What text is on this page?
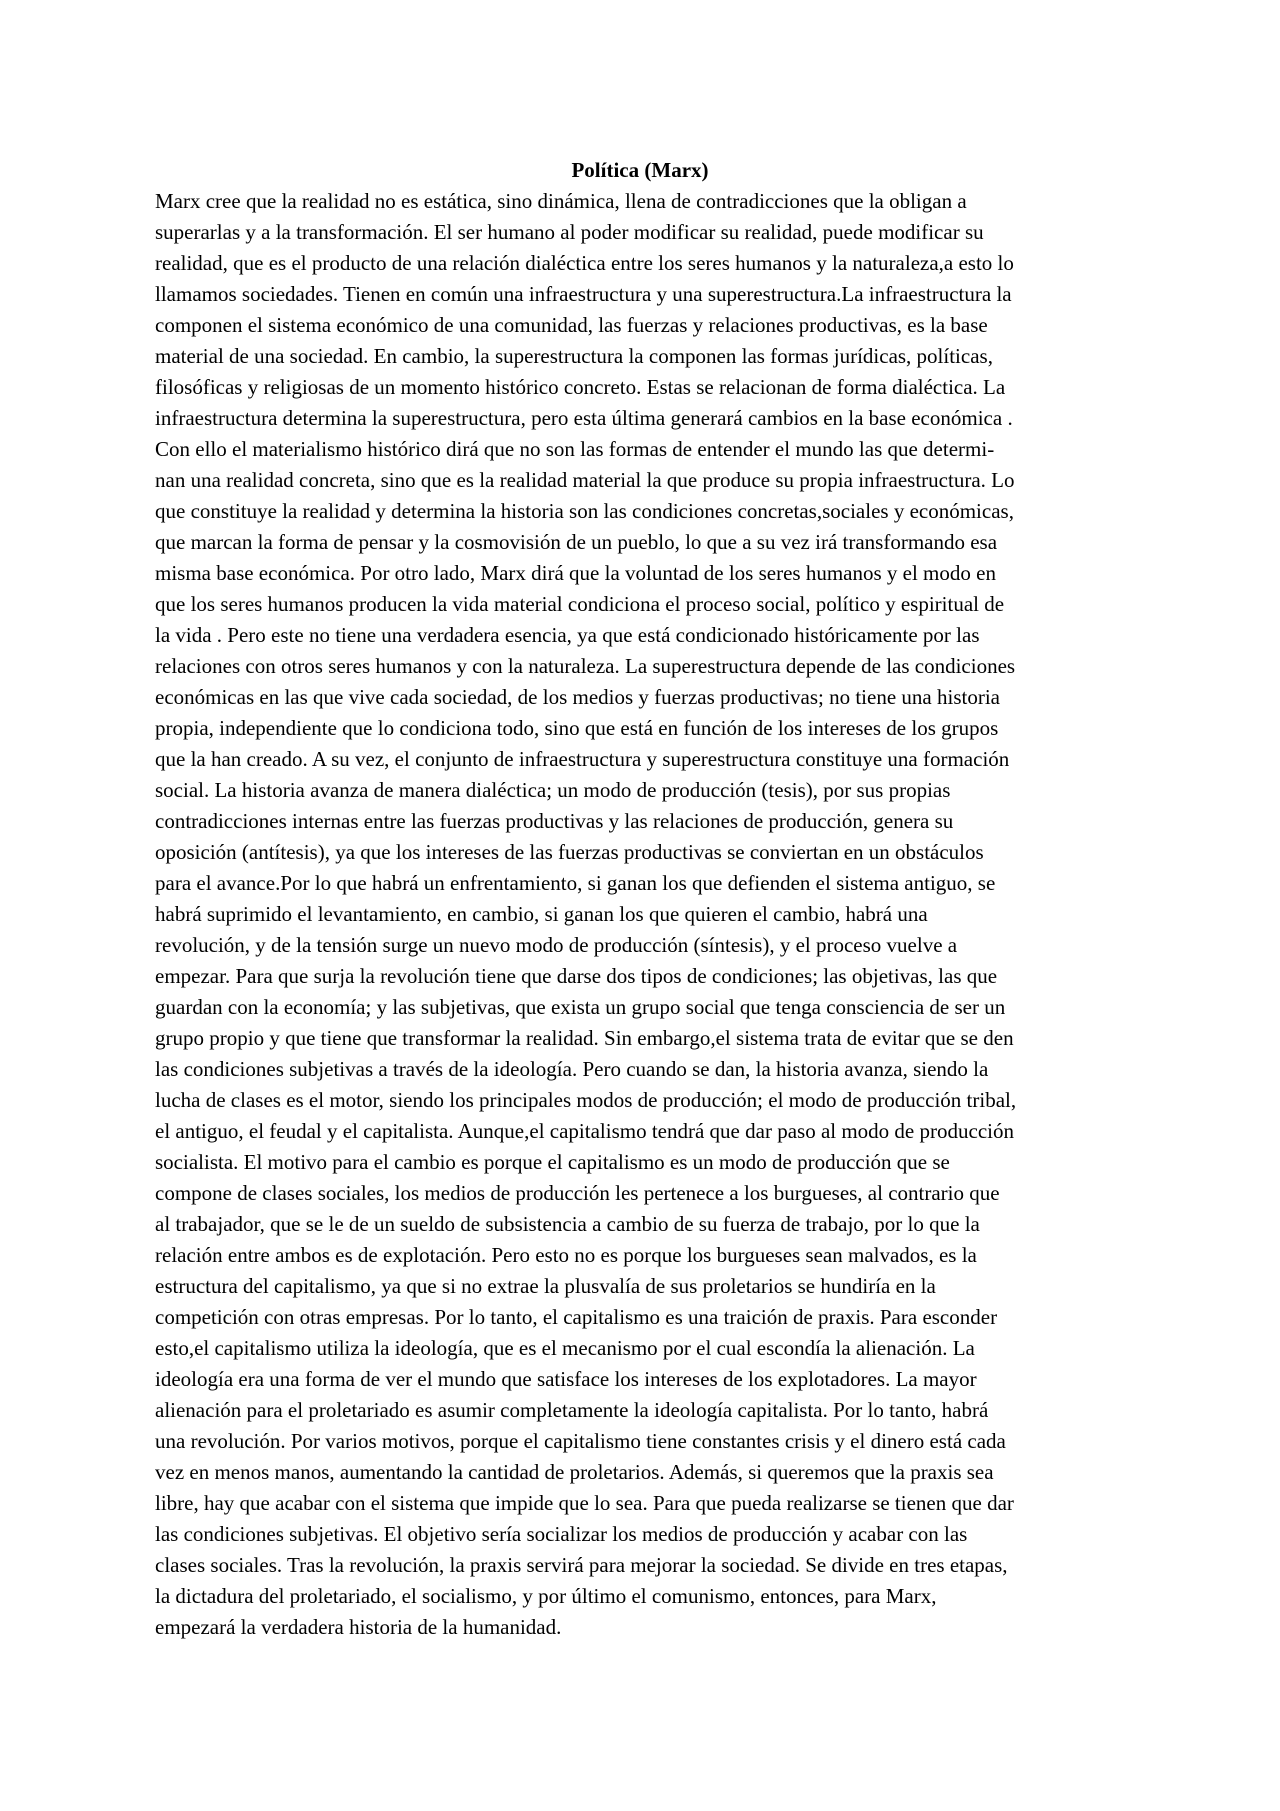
Política (Marx)
Marx cree que la realidad no es estática, sino dinámica, llena de contradicciones que la obligan a
superarlas y a la transformación. El ser humano al poder modificar su realidad, puede modificar su
realidad, que es el producto de una relación dialéctica entre los seres humanos y la naturaleza,a esto lo
llamamos sociedades. Tienen en común una infraestructura y una superestructura.La infraestructura la
componen el sistema económico de una comunidad, las fuerzas y relaciones productivas, es la base
material de una sociedad. En cambio, la superestructura la componen las formas jurídicas, políticas,
filosóficas y religiosas de un momento histórico concreto. Estas se relacionan de forma dialéctica. La
infraestructura determina la superestructura, pero esta última generará cambios en la base económica .
Con ello el materialismo histórico dirá que no son las formas de entender el mundo las que determi-
nan una realidad concreta, sino que es la realidad material la que produce su propia infraestructura. Lo
que constituye la realidad y determina la historia son las condiciones concretas,sociales y económicas,
que marcan la forma de pensar y la cosmovisión de un pueblo, lo que a su vez irá transformando esa
misma base económica. Por otro lado, Marx dirá que la voluntad de los seres humanos y el modo en
que los seres humanos producen la vida material condiciona el proceso social, político y espiritual de
la vida . Pero este no tiene una verdadera esencia, ya que está condicionado históricamente por las
relaciones con otros seres humanos y con la naturaleza. La superestructura depende de las condiciones
económicas en las que vive cada sociedad, de los medios y fuerzas productivas; no tiene una historia
propia, independiente que lo condiciona todo, sino que está en función de los intereses de los grupos
que la han creado. A su vez, el conjunto de infraestructura y superestructura constituye una formación
social. La historia avanza de manera dialéctica; un modo de producción (tesis), por sus propias
contradicciones internas entre las fuerzas productivas y las relaciones de producción, genera su
oposición (antítesis), ya que los intereses de las fuerzas productivas se conviertan en un obstáculos
para el avance.Por lo que habrá un enfrentamiento, si ganan los que defienden el sistema antiguo, se
habrá suprimido el levantamiento, en cambio, si ganan los que quieren el cambio, habrá una
revolución, y de la tensión surge un nuevo modo de producción (síntesis), y el proceso vuelve a
empezar. Para que surja la revolución tiene que darse dos tipos de condiciones; las objetivas, las que
guardan con la economía; y las subjetivas, que exista un grupo social que tenga consciencia de ser un
grupo propio y que tiene que transformar la realidad. Sin embargo,el sistema trata de evitar que se den
las condiciones subjetivas a través de la ideología. Pero cuando se dan, la historia avanza, siendo la
lucha de clases es el motor, siendo los principales modos de producción; el modo de producción tribal,
el antiguo, el feudal y el capitalista. Aunque,el capitalismo tendrá que dar paso al modo de producción
socialista. El motivo para el cambio es porque el capitalismo es un modo de producción que se
compone de clases sociales, los medios de producción les pertenece a los burgueses, al contrario que
al trabajador, que se le de un sueldo de subsistencia a cambio de su fuerza de trabajo, por lo que la
relación entre ambos es de explotación. Pero esto no es porque los burgueses sean malvados, es la
estructura del capitalismo, ya que si no extrae la plusvalía de sus proletarios se hundiría en la
competición con otras empresas. Por lo tanto, el capitalismo es una traición de praxis. Para esconder
esto,el capitalismo utiliza la ideología, que es el mecanismo por el cual escondía la alienación. La
ideología era una forma de ver el mundo que satisface los intereses de los explotadores. La mayor
alienación para el proletariado es asumir completamente la ideología capitalista. Por lo tanto, habrá
una revolución. Por varios motivos, porque el capitalismo tiene constantes crisis y el dinero está cada
vez en menos manos, aumentando la cantidad de proletarios. Además, si queremos que la praxis sea
libre, hay que acabar con el sistema que impide que lo sea. Para que pueda realizarse se tienen que dar
las condiciones subjetivas. El objetivo sería socializar los medios de producción y acabar con las
clases sociales. Tras la revolución, la praxis servirá para mejorar la sociedad. Se divide en tres etapas,
la dictadura del proletariado, el socialismo, y por último el comunismo, entonces, para Marx,
empezará la verdadera historia de la humanidad.
